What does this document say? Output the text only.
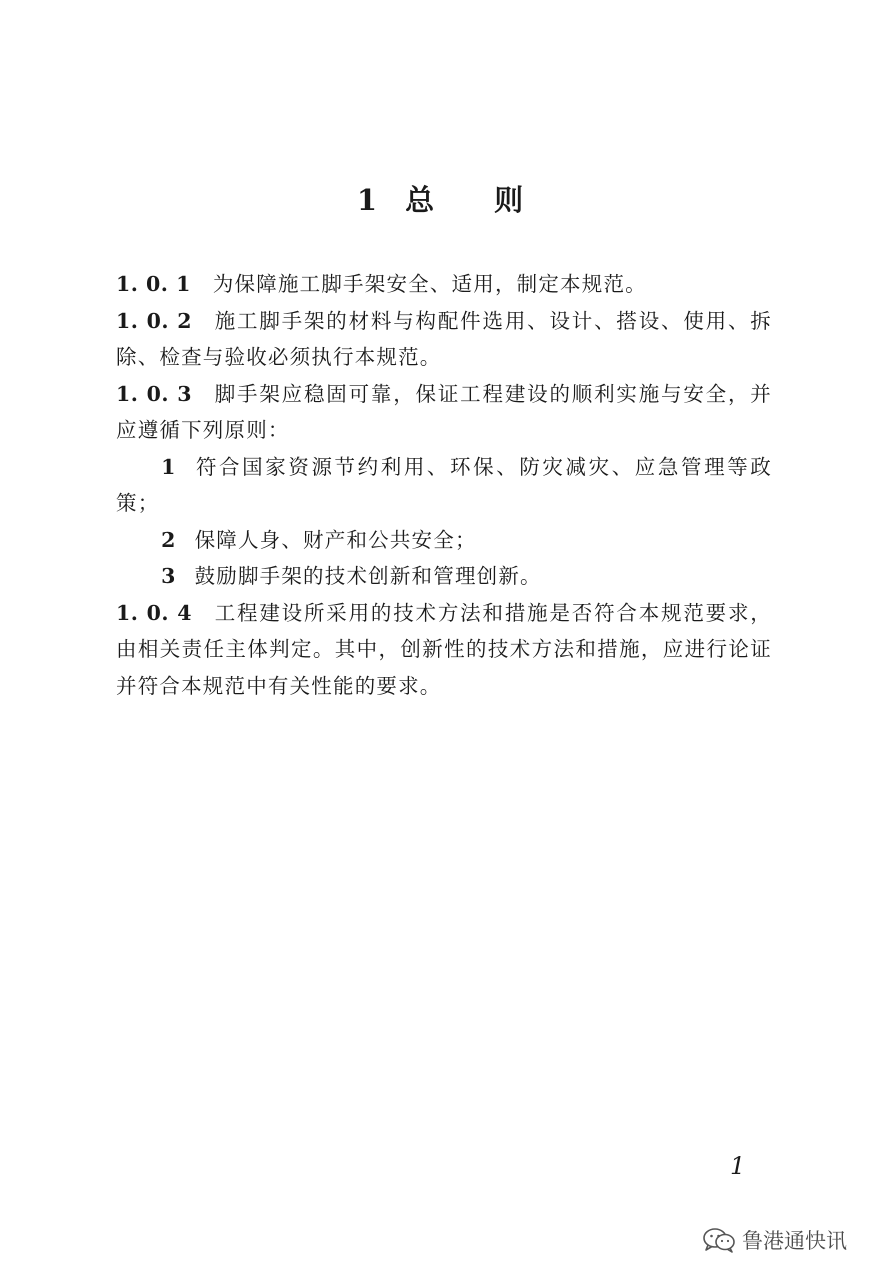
1 总 则

1. 0. 1 为保障施工脚手架安全、适用，制定本规范。

1. 0. 2 施工脚手架的材料与构配件选用、设计、搭设、使用、拆除、检查与验收必须执行本规范。

1. 0. 3 脚手架应稳固可靠，保证工程建设的顺利实施与安全，并应遵循下列原则：

1 符合国家资源节约利用、环保、防灾减灾、应急管理等政策；

2 保障人身、财产和公共安全；

3 鼓励脚手架的技术创新和管理创新。

1. 0. 4 工程建设所采用的技术方法和措施是否符合本规范要求，由相关责任主体判定。其中，创新性的技术方法和措施，应进行论证并符合本规范中有关性能的要求。

1
鲁港通快讯
